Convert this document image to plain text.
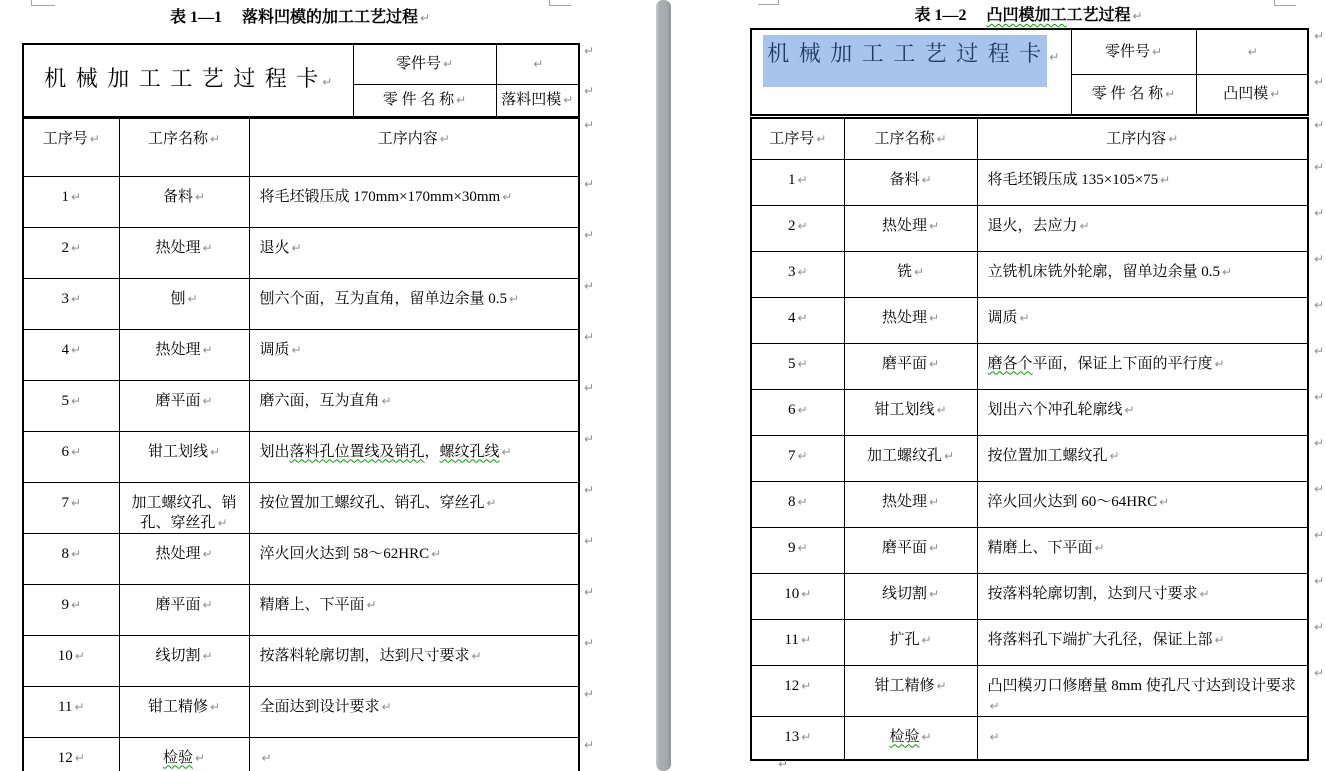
表 1—1　 落料凹模的加工工艺过程 ↵
机 械 加 工 工 艺 过 程 卡 ↵	零件号 ↵	↵
	零 件 名 称 ↵	落料凹模 ↵
工序号 ↵	工序名称 ↵	工序内容 ↵
1 ↵	备料 ↵	将毛坯锻压成 170mm×170mm×30mm ↵
2 ↵	热处理 ↵	退火 ↵
3 ↵	刨 ↵	刨六个面，互为直角，留单边余量 0.5 ↵
4 ↵	热处理 ↵	调质 ↵
5 ↵	磨平面 ↵	磨六面，互为直角 ↵
6 ↵	钳工划线 ↵	划出落料孔位置线及销孔，螺纹孔线 ↵
7 ↵	加工螺纹孔、销孔、穿丝孔 ↵	按位置加工螺纹孔、销孔、穿丝孔 ↵
8 ↵	热处理 ↵	淬火回火达到 58～62HRC ↵
9 ↵	磨平面 ↵	精磨上、下平面 ↵
10 ↵	线切割 ↵	按落料轮廓切割，达到尺寸要求 ↵
11 ↵	钳工精修 ↵	全面达到设计要求 ↵
12 ↵	检验 ↵	↵
↵
↵
↵
↵
↵
↵
↵
↵
↵
↵
↵
↵
↵
↵
↵
表 1—2　 凸凹模加工工艺过程 ↵
机 械 加 工 工 艺 过 程 卡 ↵	零件号 ↵	↵
	零 件 名 称 ↵	凸凹模 ↵
工序号 ↵	工序名称 ↵	工序内容 ↵
1 ↵	备料 ↵	将毛坯锻压成 135×105×75 ↵
2 ↵	热处理 ↵	退火，去应力 ↵
3 ↵	铣 ↵	立铣机床铣外轮廓，留单边余量 0.5 ↵
4 ↵	热处理 ↵	调质 ↵
5 ↵	磨平面 ↵	磨各个平面，保证上下面的平行度 ↵
6 ↵	钳工划线 ↵	划出六个冲孔轮廓线 ↵
7 ↵	加工螺纹孔 ↵	按位置加工螺纹孔 ↵
8 ↵	热处理 ↵	淬火回火达到 60～64HRC ↵
9 ↵	磨平面 ↵	精磨上、下平面 ↵
10 ↵	线切割 ↵	按落料轮廓切割，达到尺寸要求 ↵
11 ↵	扩孔 ↵	将落料孔下端扩大孔径，保证上部 ↵
12 ↵	钳工精修 ↵	凸凹模刃口修磨量 8mm 使孔尺寸达到设计要求↵
13 ↵	检验 ↵	↵
↵
↵
↵
↵
↵
↵
↵
↵
↵
↵
↵
↵
↵
↵
↵
↵
